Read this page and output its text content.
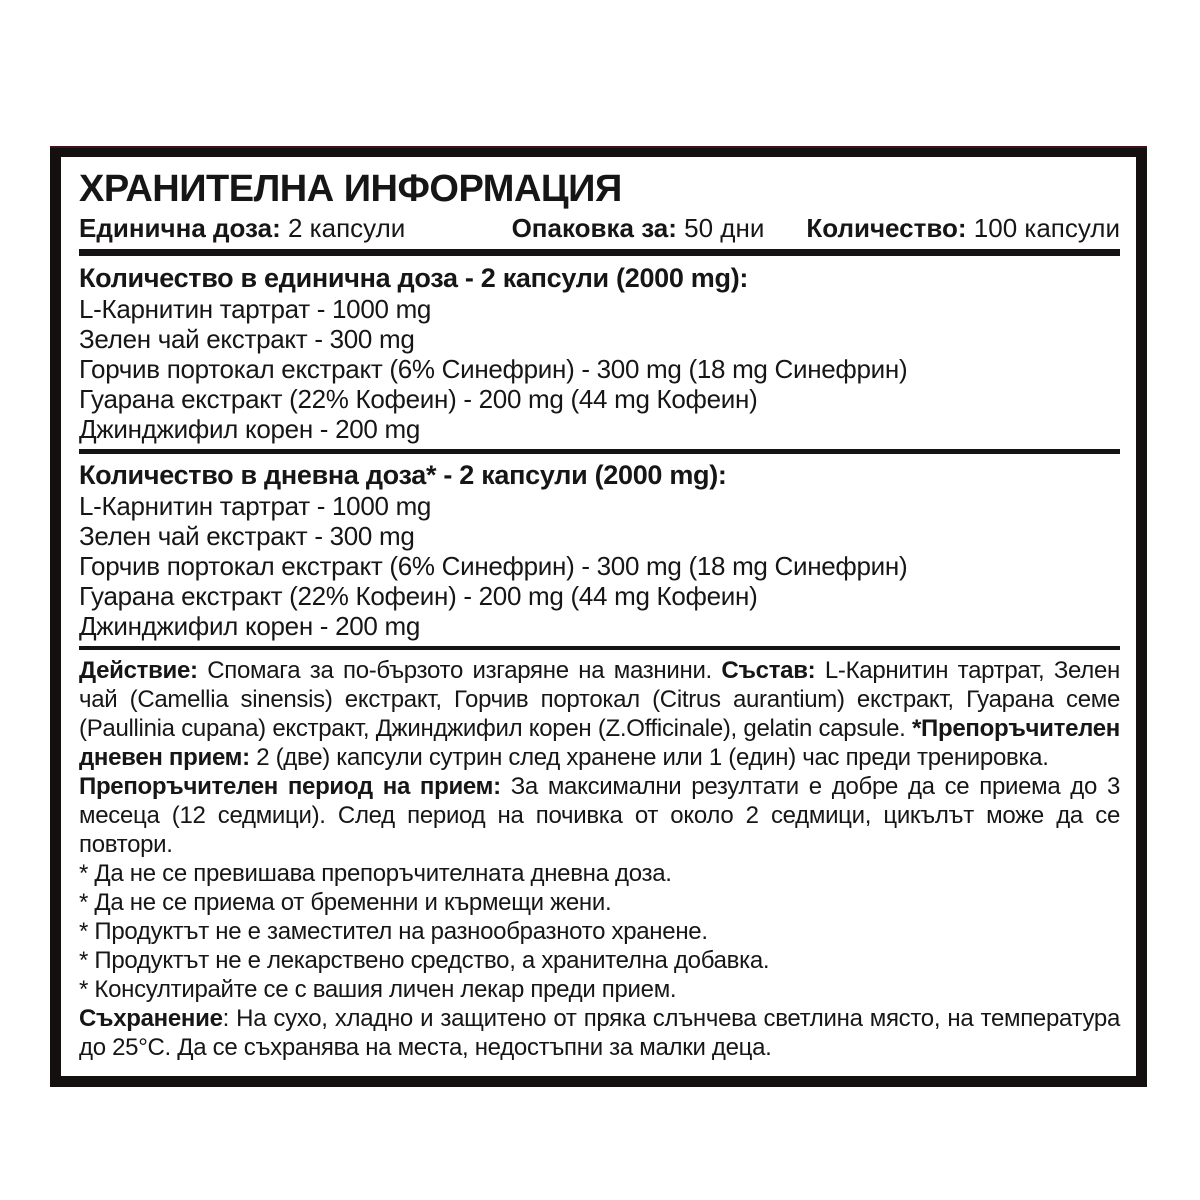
ХРАНИТЕЛНА ИНФОРМАЦИЯ
Единична доза: 2 капсули	Опаковка за: 50 дни Количество: 100 капсули

Количество в единична доза - 2 капсули (2000 mg):

L-Карнитин тартрат - 1000 mg
Зелен чай екстракт - 300 mg
Горчив портокал екстракт (6% Синефрин) - 300 mg (18 mg Синефрин)
Гуарана екстракт (22% Кофеин) - 200 mg (44 mg Кофеин)
Джинджифил корен - 200 mg

Количество в дневна доза* - 2 капсули (2000 mg):

L-Карнитин тартрат - 1000 mg
Зелен чай екстракт - 300 mg
Горчив портокал екстракт (6% Синефрин) - 300 mg (18 mg Синефрин)
Гуарана екстракт (22% Кофеин) - 200 mg (44 mg Кофеин)
Джинджифил корен - 200 mg

Действие: Спомага за по-бързото изгаряне на мазнини. Състав: L-Карнитин тартрат, Зелен чай (Camellia sinensis) екстракт, Горчив портокал (Citrus aurantium) екстракт, Гуарана семе (Paullinia cupana) екстракт, Джинджифил корен (Z.Officinale), gelatin capsule. *Препоръчителен дневен прием: 2 (две) капсули сутрин след хранене или 1 (един) час преди тренировка.

Препоръчителен период на прием: За максимални резултати е добре да се приема до 3 месеца (12 седмици). След период на почивка от около 2 седмици, цикълът може да се повтори.

* Да не се превишава препоръчителната дневна доза.

* Да не се приема от бременни и кърмещи жени.

* Продуктът не е заместител на разнообразното хранене.

* Продуктът не е лекарствено средство, а хранителна добавка.

* Консултирайте се с вашия личен лекар преди прием.

Съхранение: На сухо, хладно и защитено от пряка слънчева светлина място, на температура до 25°С. Да се съхранява на места, недостъпни за малки деца.
